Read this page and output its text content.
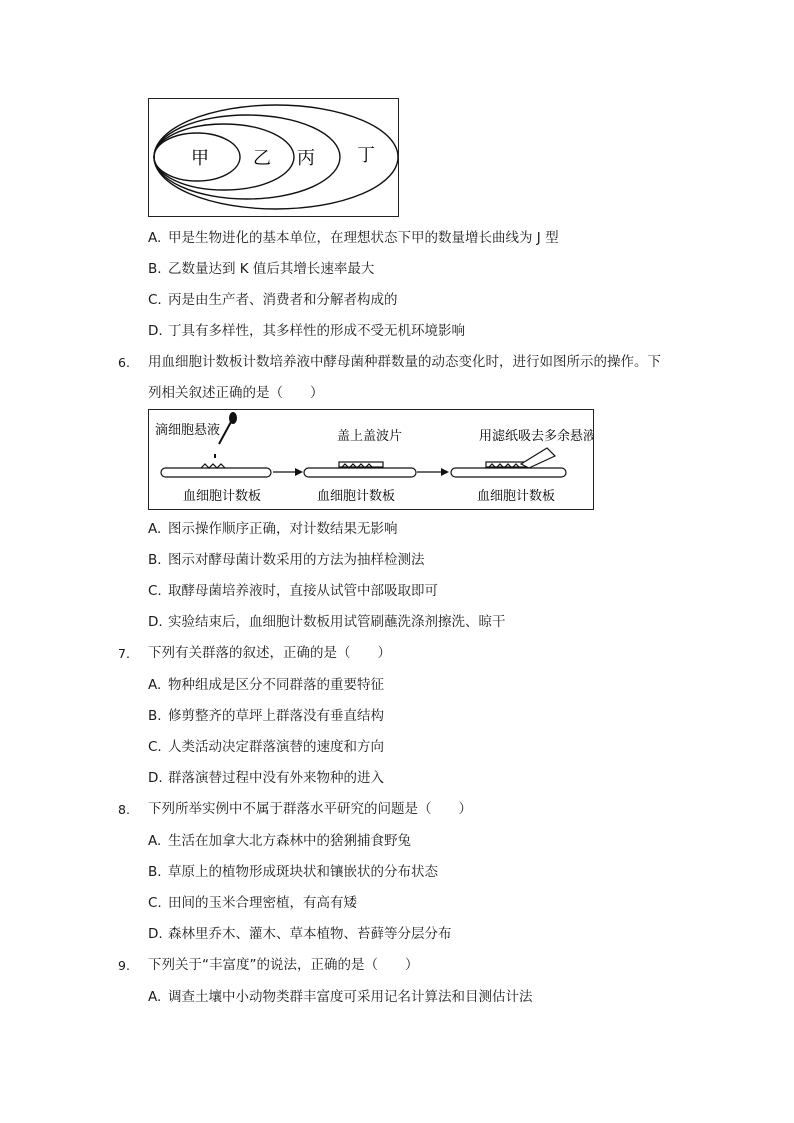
甲 乙 丙 丁
A. 甲是生物进化的基本单位，在理想状态下甲的数量增长曲线为 J 型
B. 乙数量达到 K 值后其增长速率最大
C. 丙是由生产者、消费者和分解者构成的
D. 丁具有多样性，其多样性的形成不受无机环境影响
6. 用血细胞计数板计数培养液中酵母菌种群数量的动态变化时，进行如图所示的操作。下
列相关叙述正确的是（　　）
滴细胞悬液	盖上盖波片	用滤纸吸去多余悬液
血细胞计数板	血细胞计数板	血细胞计数板
A. 图示操作顺序正确，对计数结果无影响
B. 图示对酵母菌计数采用的方法为抽样检测法
C. 取酵母菌培养液时，直接从试管中部吸取即可
D. 实验结束后，血细胞计数板用试管刷蘸洗涤剂擦洗、晾干
7. 下列有关群落的叙述，正确的是（　　）
A. 物种组成是区分不同群落的重要特征
B. 修剪整齐的草坪上群落没有垂直结构
C. 人类活动决定群落演替的速度和方向
D. 群落演替过程中没有外来物种的进入
8. 下列所举实例中不属于群落水平研究的问题是（　　）
A. 生活在加拿大北方森林中的猞猁捕食野兔
B. 草原上的植物形成斑块状和镶嵌状的分布状态
C. 田间的玉米合理密植，有高有矮
D. 森林里乔木、灌木、草本植物、苔藓等分层分布
9. 下列关于“丰富度”的说法，正确的是（　　）
A. 调查土壤中小动物类群丰富度可采用记名计算法和目测估计法
